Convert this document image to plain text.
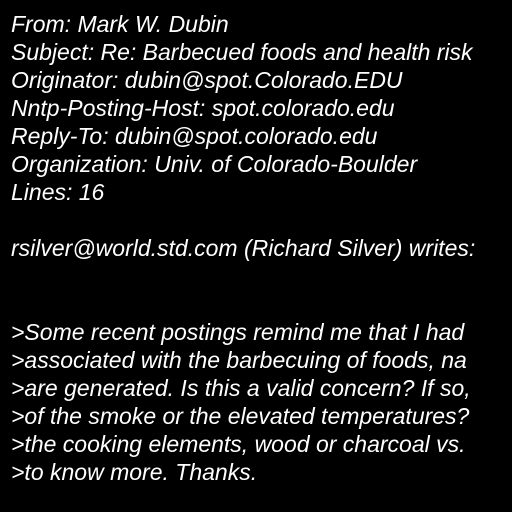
From: Mark W. Dubin
Subject: Re: Barbecued foods and health risk
Originator: dubin@spot.Colorado.EDU
Nntp-Posting-Host: spot.colorado.edu
Reply-To: dubin@spot.colorado.edu
Organization: Univ. of Colorado-Boulder
Lines: 16
rsilver@world.std.com (Richard Silver) writes:
>Some recent postings remind me that I had
>associated with the barbecuing of foods, na
>are generated. Is this a valid concern? If so,
>of the smoke or the elevated temperatures?
>the cooking elements, wood or charcoal vs.
>to know more. Thanks.
